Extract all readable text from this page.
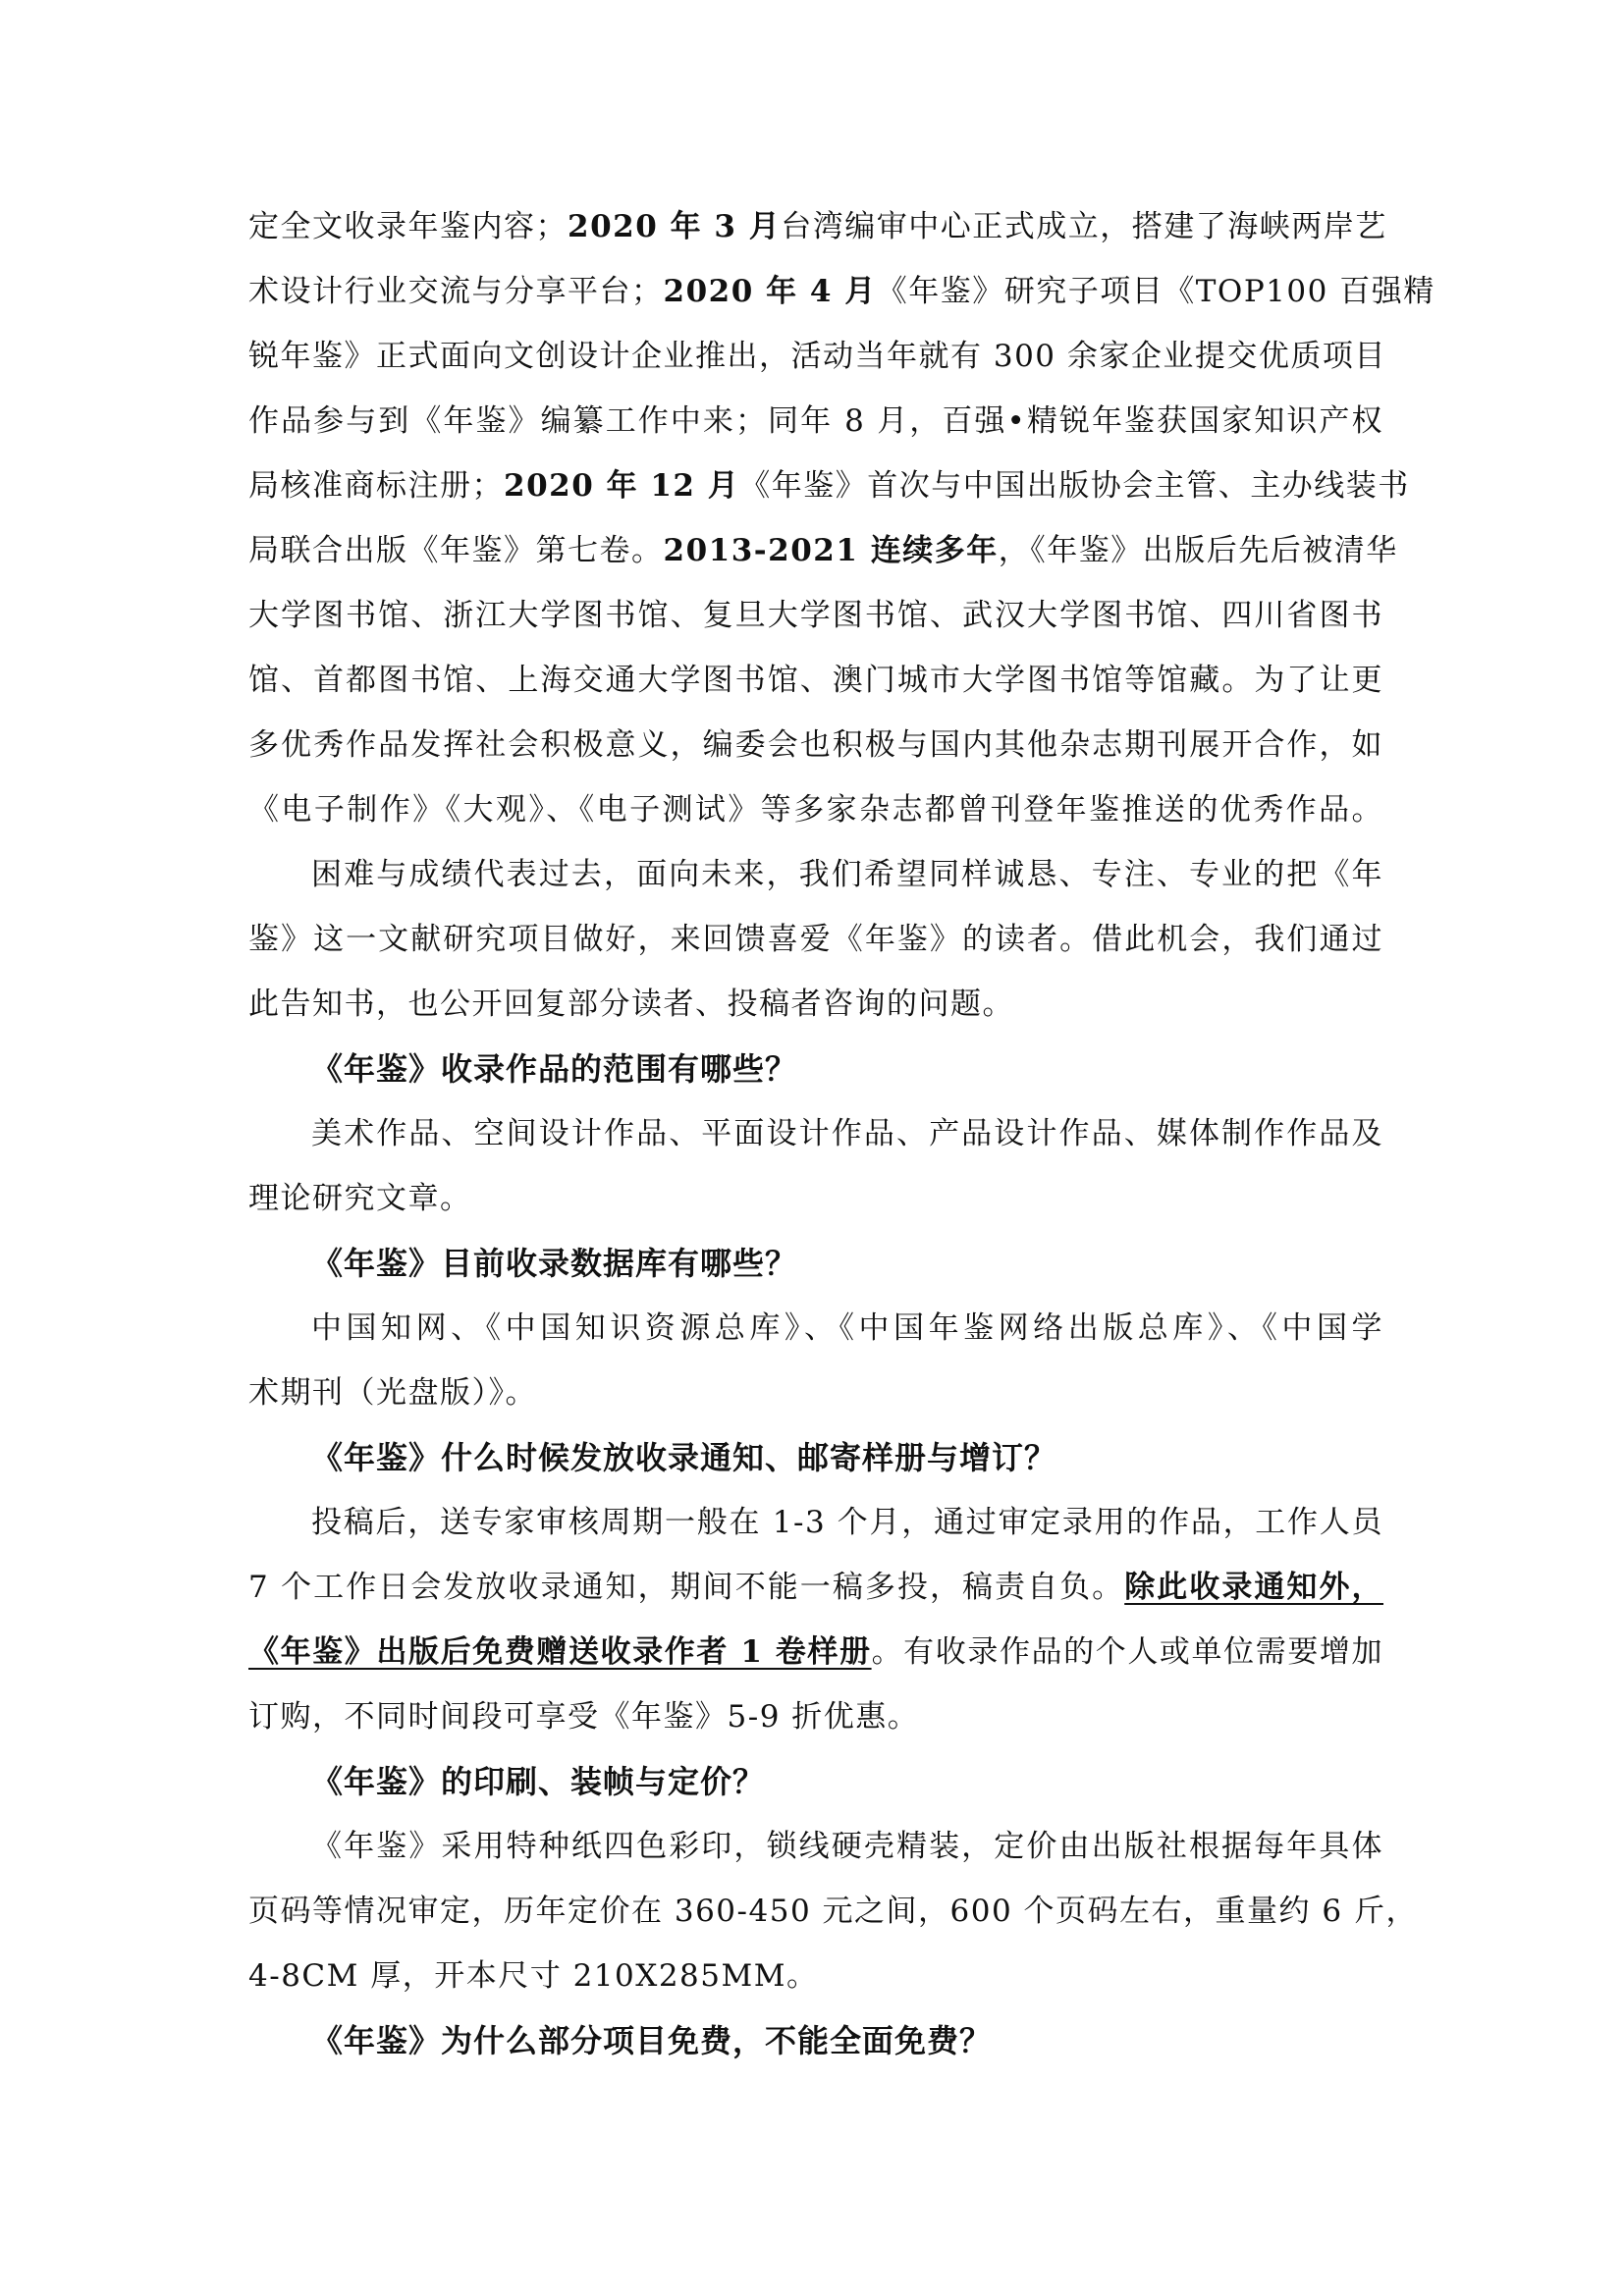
定全文收录年鉴内容；2020 年 3 月台湾编审中心正式成立，搭建了海峡两岸艺
术设计行业交流与分享平台；2020 年 4 月《年鉴》研究子项目《TOP100 百强精
锐年鉴》正式面向文创设计企业推出，活动当年就有 300 余家企业提交优质项目
作品参与到《年鉴》编纂工作中来；同年 8 月，百强•精锐年鉴获国家知识产权
局核准商标注册；2020 年 12 月《年鉴》首次与中国出版协会主管、主办线装书
局联合出版《年鉴》第七卷。2013-2021 连续多年，《年鉴》出版后先后被清华
大学图书馆、浙江大学图书馆、复旦大学图书馆、武汉大学图书馆、四川省图书
馆、首都图书馆、上海交通大学图书馆、澳门城市大学图书馆等馆藏。为了让更
多优秀作品发挥社会积极意义，编委会也积极与国内其他杂志期刊展开合作，如
《电子制作》《大观》、《电子测试》等多家杂志都曾刊登年鉴推送的优秀作品。
困难与成绩代表过去，面向未来，我们希望同样诚恳、专注、专业的把《年
鉴》这一文献研究项目做好，来回馈喜爱《年鉴》的读者。借此机会，我们通过
此告知书，也公开回复部分读者、投稿者咨询的问题。
《年鉴》收录作品的范围有哪些？
美术作品、空间设计作品、平面设计作品、产品设计作品、媒体制作作品及
理论研究文章。
《年鉴》目前收录数据库有哪些？
中国知网、《中国知识资源总库》、《中国年鉴网络出版总库》、《中国学
术期刊（光盘版）》。
《年鉴》什么时候发放收录通知、邮寄样册与增订？
投稿后，送专家审核周期一般在 1-3 个月，通过审定录用的作品，工作人员
7 个工作日会发放收录通知，期间不能一稿多投，稿责自负。除此收录通知外，
《年鉴》出版后免费赠送收录作者 1 卷样册。有收录作品的个人或单位需要增加
订购，不同时间段可享受《年鉴》5-9 折优惠。
《年鉴》的印刷、装帧与定价？
《年鉴》采用特种纸四色彩印，锁线硬壳精装，定价由出版社根据每年具体
页码等情况审定，历年定价在 360-450 元之间，600 个页码左右，重量约 6 斤，
4-8CM 厚，开本尺寸 210X285MM。
《年鉴》为什么部分项目免费，不能全面免费？
